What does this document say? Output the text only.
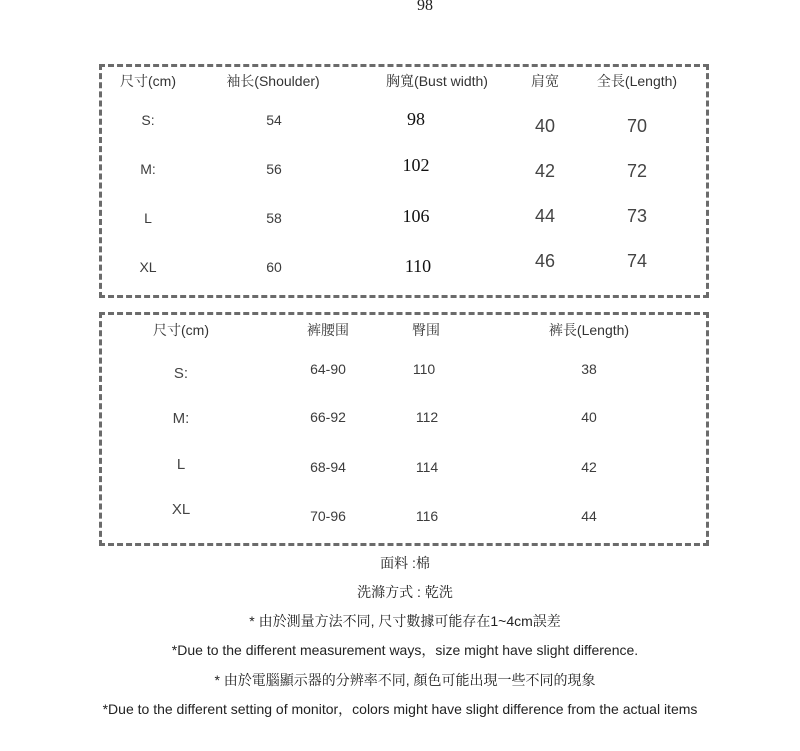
98
尺寸(cm)	袖长(Shoulder)	胸寬(Bust width)	肩宽	全長(Length)
S:	54	98	40	70
M:	56	102	42	72
L	58	106	44	73
XL	60	110	46	74
尺寸(cm)	裤腰围	臀围	裤長(Length)
S:	64-90	110	38
M:	66-92	112	40
L	68-94	114	42
XL	70-96	116	44
面料 :棉
洗滌方式 : 乾洗
* 由於測量方法不同, 尺寸數據可能存在1~4cm誤差
*Due to the different measurement ways，size might have slight difference.
* 由於電腦顯示器的分辨率不同, 顏色可能出現一些不同的現象
*Due to the different setting of monitor，colors might have slight difference from the actual items
